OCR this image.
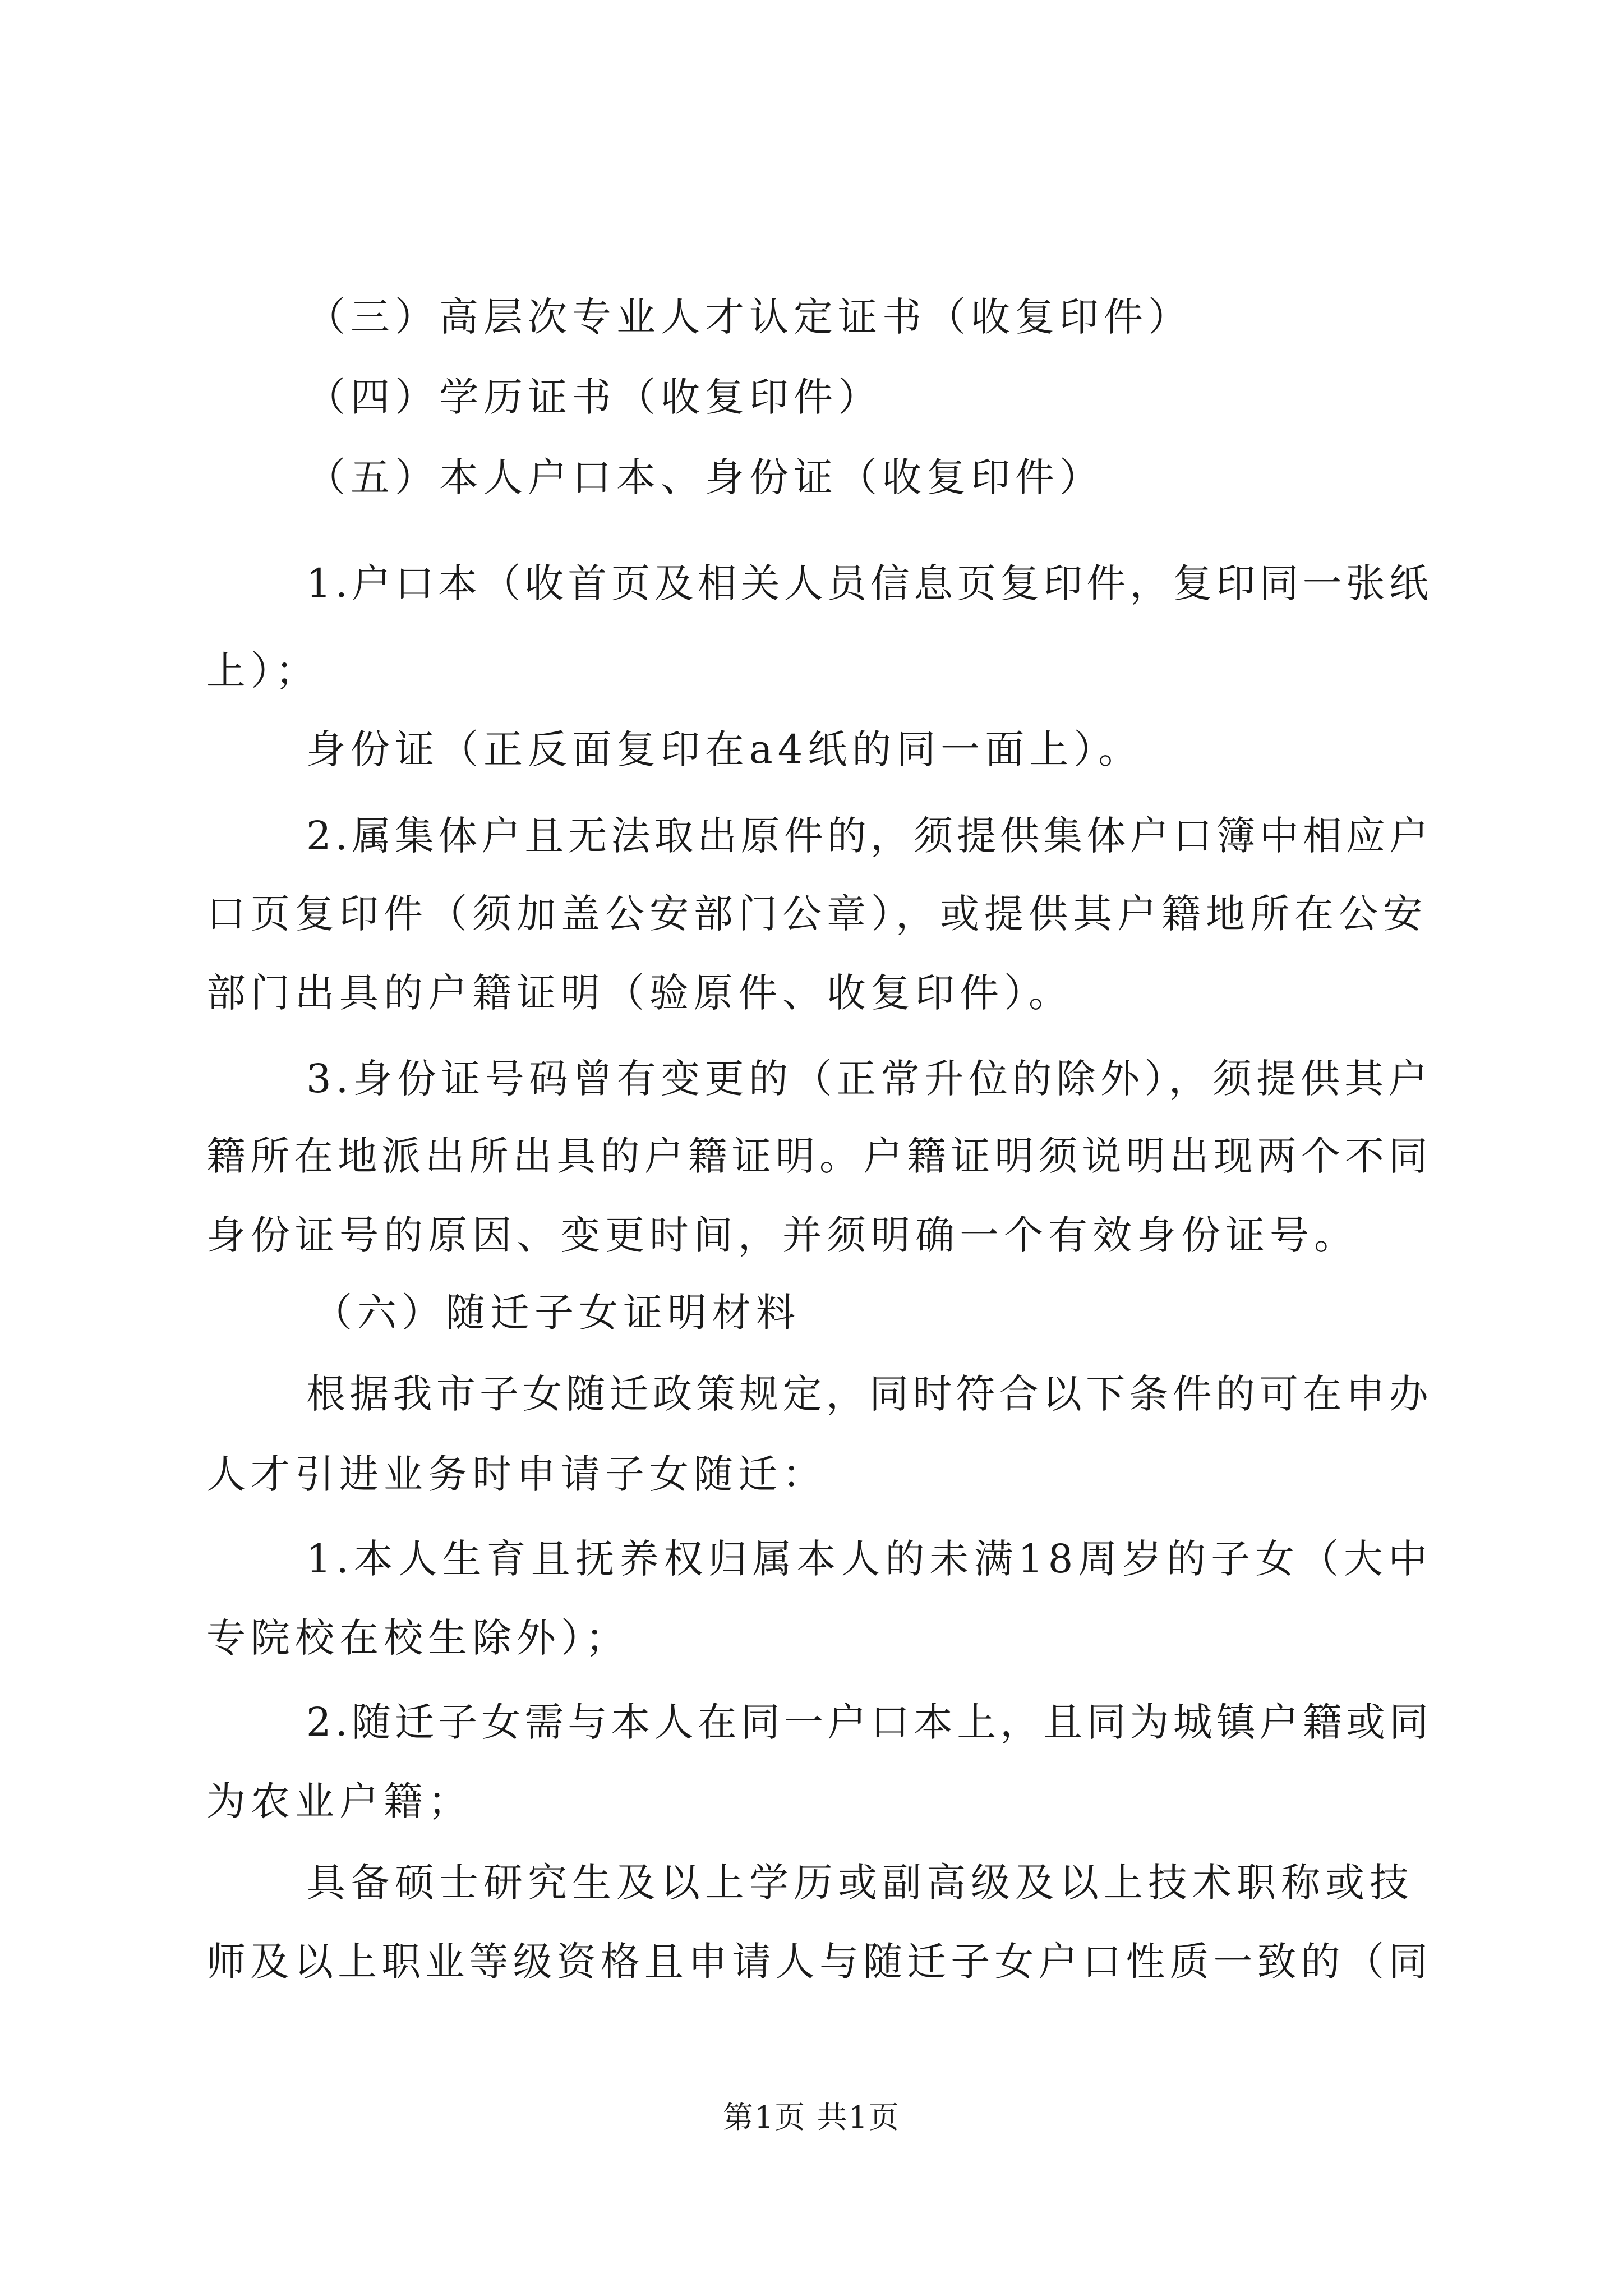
（三）高层次专业人才认定证书（收复印件）
（四）学历证书（收复印件）
（五）本人户口本、身份证（收复印件）
1.户口本（收首页及相关人员信息页复印件，复印同一张纸
上）；
身份证（正反面复印在a4纸的同一面上）。
2.属集体户且无法取出原件的，须提供集体户口簿中相应户
口页复印件（须加盖公安部门公章），或提供其户籍地所在公安
部门出具的户籍证明（验原件、收复印件）。
3.身份证号码曾有变更的（正常升位的除外），须提供其户
籍所在地派出所出具的户籍证明。户籍证明须说明出现两个不同
身份证号的原因、变更时间，并须明确一个有效身份证号。
（六）随迁子女证明材料
根据我市子女随迁政策规定，同时符合以下条件的可在申办
人才引进业务时申请子女随迁：
1.本人生育且抚养权归属本人的未满18周岁的子女（大中
专院校在校生除外）；
2.随迁子女需与本人在同一户口本上，且同为城镇户籍或同
为农业户籍；
具备硕士研究生及以上学历或副高级及以上技术职称或技
师及以上职业等级资格且申请人与随迁子女户口性质一致的（同
第1页 共1页
